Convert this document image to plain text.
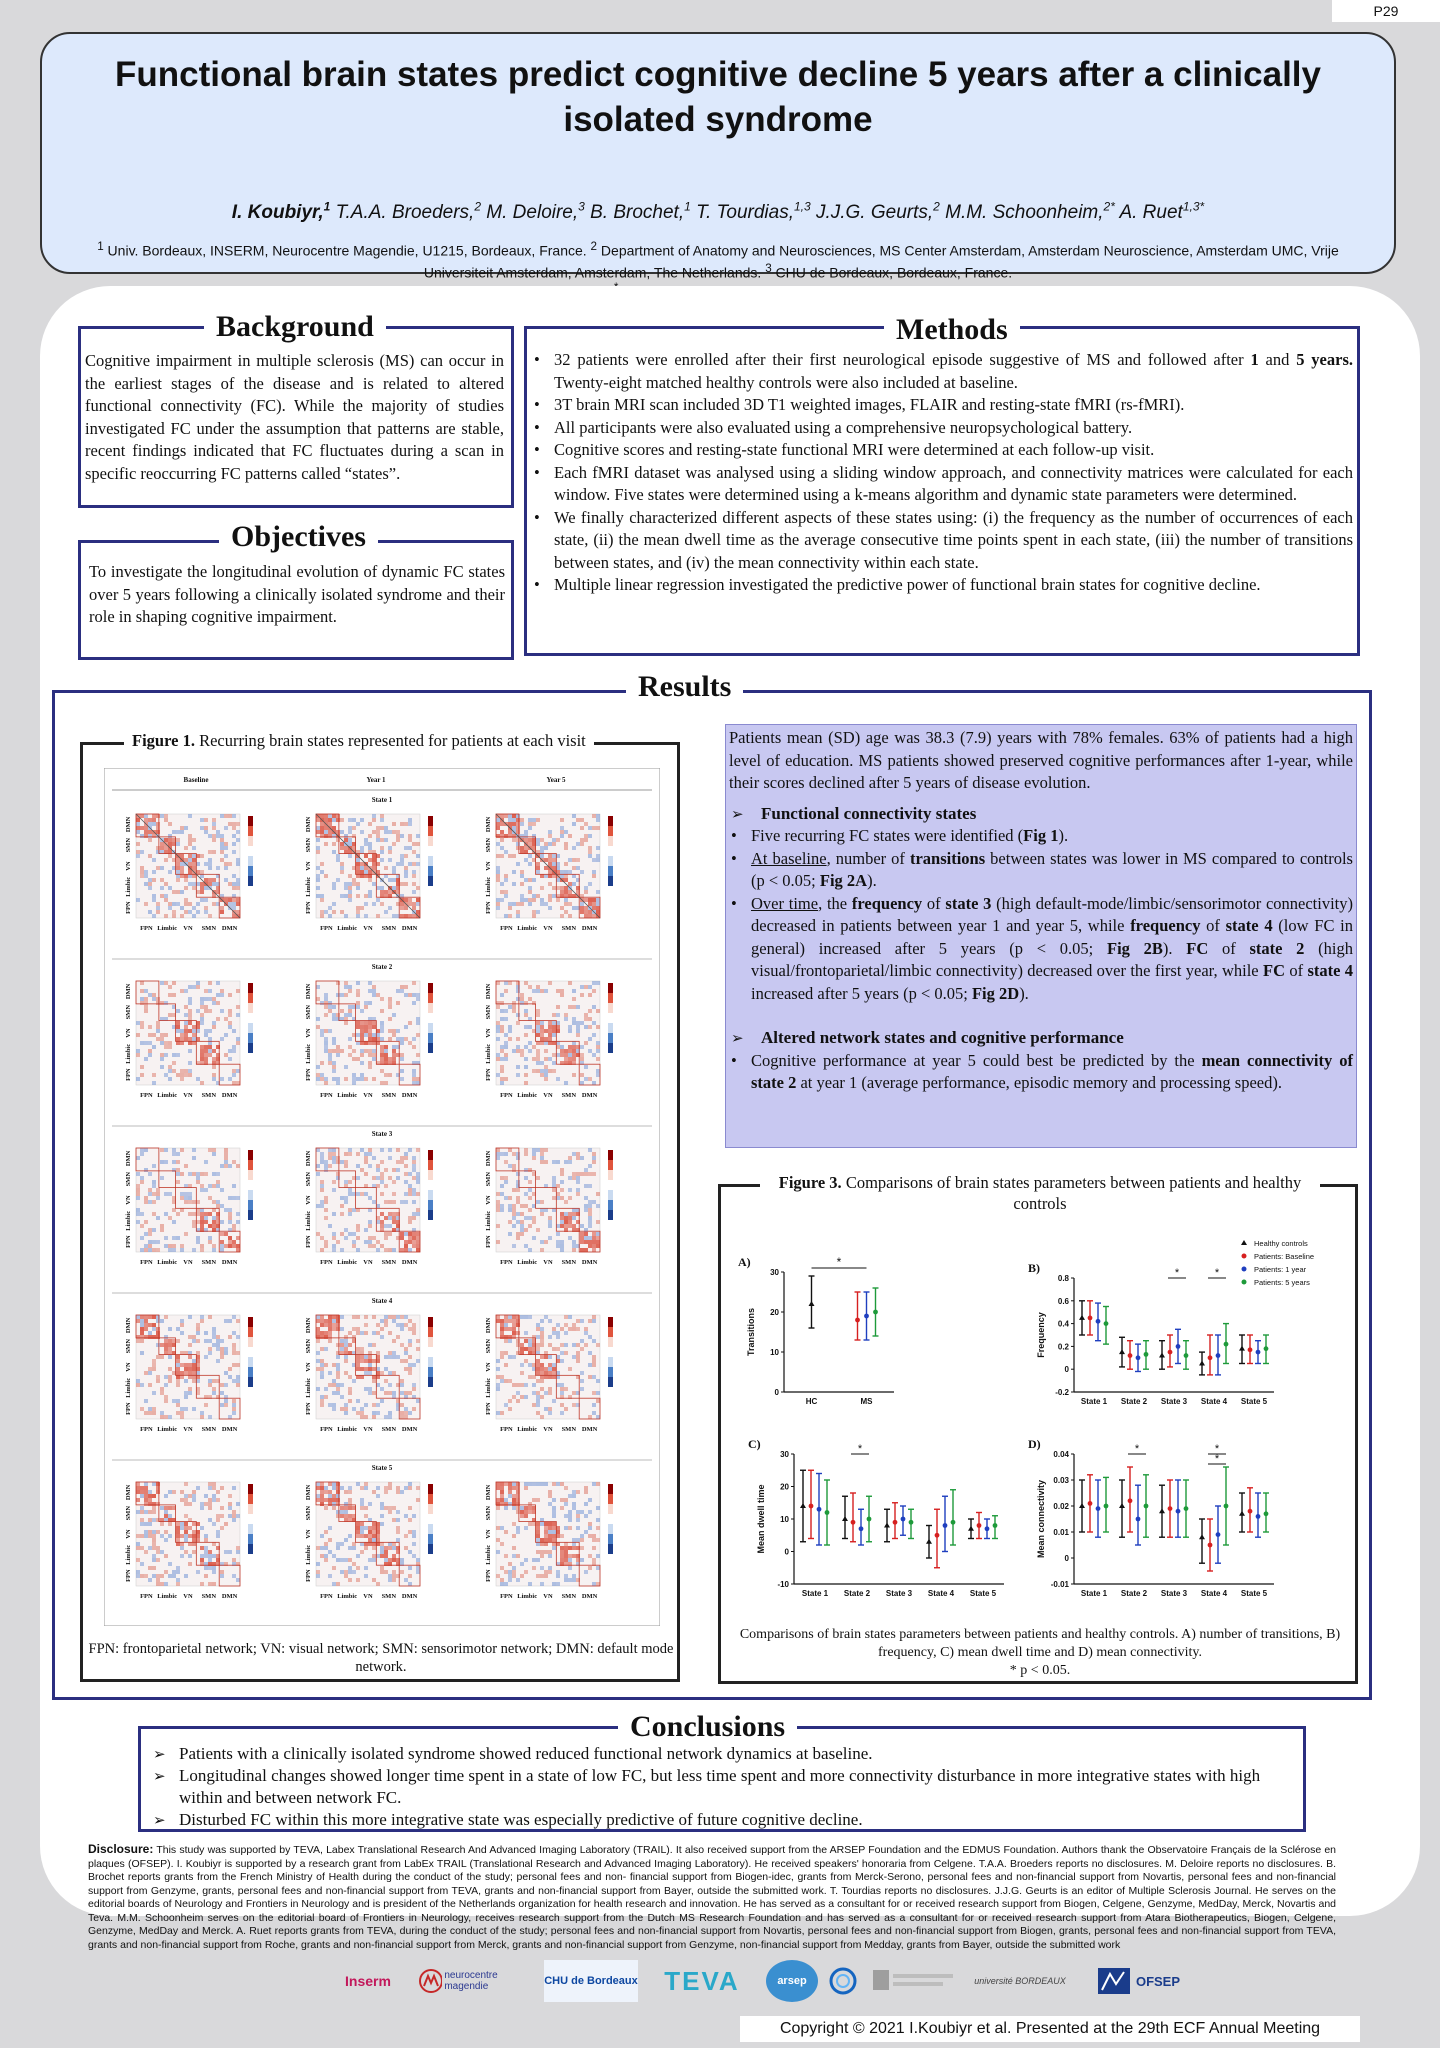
P29
Functional brain states predict cognitive decline 5 years after a clinically isolated syndrome
I. Koubiyr,$^1$ T.A.A. Broeders,$^2$ M. Deloire,$^3$ B. Brochet,$^1$ T. Tourdias,$^{1,3}$ J.J.G. Geurts,$^2$ M.M. Schoonheim,$^{2*}$ A. Ruet$^{1,3*}$
$^1$ Univ. Bordeaux, INSERM, Neurocentre Magendie, U1215, Bordeaux, France. $^2$ Department of Anatomy and Neurosciences, MS Center Amsterdam, Amsterdam Neuroscience, Amsterdam UMC, Vrije Universiteit Amsterdam, Amsterdam, The Netherlands. $^3$ CHU de Bordeaux, Bordeaux, France.
Cognitive impairment in multiple sclerosis (MS) can occur in the earliest stages of the disease and is related to altered functional connectivity (FC). While the majority of studies investigated FC under the assumption that patterns are stable, recent findings indicated that FC fluctuates during a scan in specific reoccurring FC patterns called “states”.
Background
To investigate the longitudinal evolution of dynamic FC states over 5 years following a clinically isolated syndrome and their role in shaping cognitive impairment.
Objectives
• 32 patients were enrolled after their first neurological episode suggestive of MS and followed after 1 and 5 years. Twenty-eight matched healthy controls were also included at baseline.
• 3T brain MRI scan included 3D T1 weighted images, FLAIR and resting-state fMRI (rs-fMRI).
• All participants were also evaluated using a comprehensive neuropsychological battery.
• Cognitive scores and resting-state functional MRI were determined at each follow-up visit.
• Each fMRI dataset was analysed using a sliding window approach, and connectivity matrices were calculated for each window. Five states were determined using a k-means algorithm and dynamic state parameters were determined.
• We finally characterized different aspects of these states using: (i) the frequency as the number of occurrences of each state, (ii) the mean dwell time as the average consecutive time points spent in each state, (iii) the number of transitions between states, and (iv) the mean connectivity within each state.
• Multiple linear regression investigated the predictive power of functional brain states for cognitive decline.
Methods
Results
Figure 1. Recurring brain states represented for patients at each visit
Baseline	Year 1	Year 5
State 1
FPN
Limbic
VN
SMN
DMN
FPN Limbic VN SMN DMN
FPN
Limbic
VN
SMN
DMN
FPN Limbic VN SMN DMN
FPN
Limbic
VN
SMN
DMN
FPN Limbic VN SMN DMN
State 2
FPN
Limbic
VN
SMN
DMN
FPN Limbic VN SMN DMN
FPN
Limbic
VN
SMN
DMN
FPN Limbic VN SMN DMN
FPN
Limbic
VN
SMN
DMN
FPN Limbic VN SMN DMN
State 3
FPN
Limbic
VN
SMN
DMN
FPN Limbic VN SMN DMN
FPN
Limbic
VN
SMN
DMN
FPN Limbic VN SMN DMN
FPN
Limbic
VN
SMN
DMN
FPN Limbic VN SMN DMN
State 4
FPN
Limbic
VN
SMN
DMN
FPN Limbic VN SMN DMN
FPN
Limbic
VN
SMN
DMN
FPN Limbic VN SMN DMN
FPN
Limbic
VN
SMN
DMN
FPN Limbic VN SMN DMN
State 5
FPN
Limbic
VN
SMN
DMN
FPN Limbic VN SMN DMN
FPN
Limbic
VN
SMN
DMN
FPN Limbic VN SMN DMN
FPN
Limbic
VN
SMN
DMN
FPN Limbic VN SMN DMN
FPN: frontoparietal network; VN: visual network; SMN: sensorimotor network; DMN: default mode network.
Patients mean (SD) age was 38.3 (7.9) years with 78% females. 63% of patients had a high level of education. MS patients showed preserved cognitive performances after 1-year, while their scores declined after 5 years of disease evolution.
➢ Functional connectivity states
• Five recurring FC states were identified (Fig 1).
• At baseline, number of transitions between states was lower in MS compared to controls (p < 0.05; Fig 2A).
• Over time, the frequency of state 3 (high default-mode/limbic/sensorimotor connectivity) decreased in patients between year 1 and year 5, while frequency of state 4 (low FC in general) increased after 5 years (p < 0.05; Fig 2B). FC of state 2 (high visual/frontoparietal/limbic connectivity) decreased over the first year, while FC of state 4 increased after 5 years (p < 0.05; Fig 2D).
➢ Altered network states and cognitive performance
• Cognitive performance at year 5 could best be predicted by the mean connectivity of state 2 at year 1 (average performance, episodic memory and processing speed).
Figure 3. Comparisons of brain states parameters between patients and healthy controls
Healthy controls
Patients: Baseline
Patients: 1 year
Patients: 5 years
A)
0
10
20
30
Transitions
HC	MS
*	B)
-0.2
0
0.2
0.4
0.6
0.8
Frequency
State 1 State 2 State 3 State 4 State 5
*	*
C)
-10
0
10
20
30
Mean dwell time
State 1 State 2 State 3 State 4 State 5
*	D)
-0.01
0
0.01
0.02
0.03
0.04
Mean connectivity
State 1 State 2 State 3 State 4 State 5
*	*
*
Comparisons of brain states parameters between patients and healthy controls. A) number of transitions, B) frequency, C) mean dwell time and D) mean connectivity.
* p < 0.05.
➢ Patients with a clinically isolated syndrome showed reduced functional network dynamics at baseline.
➢ Longitudinal changes showed longer time spent in a state of low FC, but less time spent and more connectivity disturbance in more integrative states with high within and between network FC.
➢ Disturbed FC within this more integrative state was especially predictive of future cognitive decline.
Conclusions
Disclosure: This study was supported by TEVA, Labex Translational Research And Advanced Imaging Laboratory (TRAIL). It also received support from the ARSEP Foundation and the EDMUS Foundation. Authors thank the Observatoire Français de la Sclérose en plaques (OFSEP). I. Koubiyr is supported by a research grant from LabEx TRAIL (Translational Research and Advanced Imaging Laboratory). He received speakers' honoraria from Celgene. T.A.A. Broeders reports no disclosures. M. Deloire reports no disclosures. B. Brochet reports grants from the French Ministry of Health during the conduct of the study; personal fees and non- financial support from Biogen-idec, grants from Merck-Serono, personal fees and non-financial support from Novartis, personal fees and non-financial support from Genzyme, grants, personal fees and non-financial support from TEVA, grants and non-financial support from Bayer, outside the submitted work. T. Tourdias reports no disclosures. J.J.G. Geurts is an editor of Multiple Sclerosis Journal. He serves on the editorial boards of Neurology and Frontiers in Neurology and is president of the Netherlands organization for health research and innovation. He has served as a consultant for or received research support from Biogen, Celgene, Genzyme, MedDay, Merck, Novartis and Teva. M.M. Schoonheim serves on the editorial board of Frontiers in Neurology, receives research support from the Dutch MS Research Foundation and has served as a consultant for or received research support from Atara Biotherapeutics, Biogen, Celgene, Genzyme, MedDay and Merck. A. Ruet reports grants from TEVA, during the conduct of the study; personal fees and non-financial support from Novartis, personal fees and non-financial support from Biogen, grants, personal fees and non-financial support from TEVA, grants and non-financial support from Roche, grants and non-financial support from Merck, grants and non-financial support from Genzyme, non-financial support from Medday, grants from Bayer, outside the submitted work
Inserm	neurocentre magendie	CHU de Bordeaux	TEVA	arsep	université BORDEAUX	OFSEP
Copyright © 2021 I.Koubiyr et al. Presented at the 29th ECF Annual Meeting
